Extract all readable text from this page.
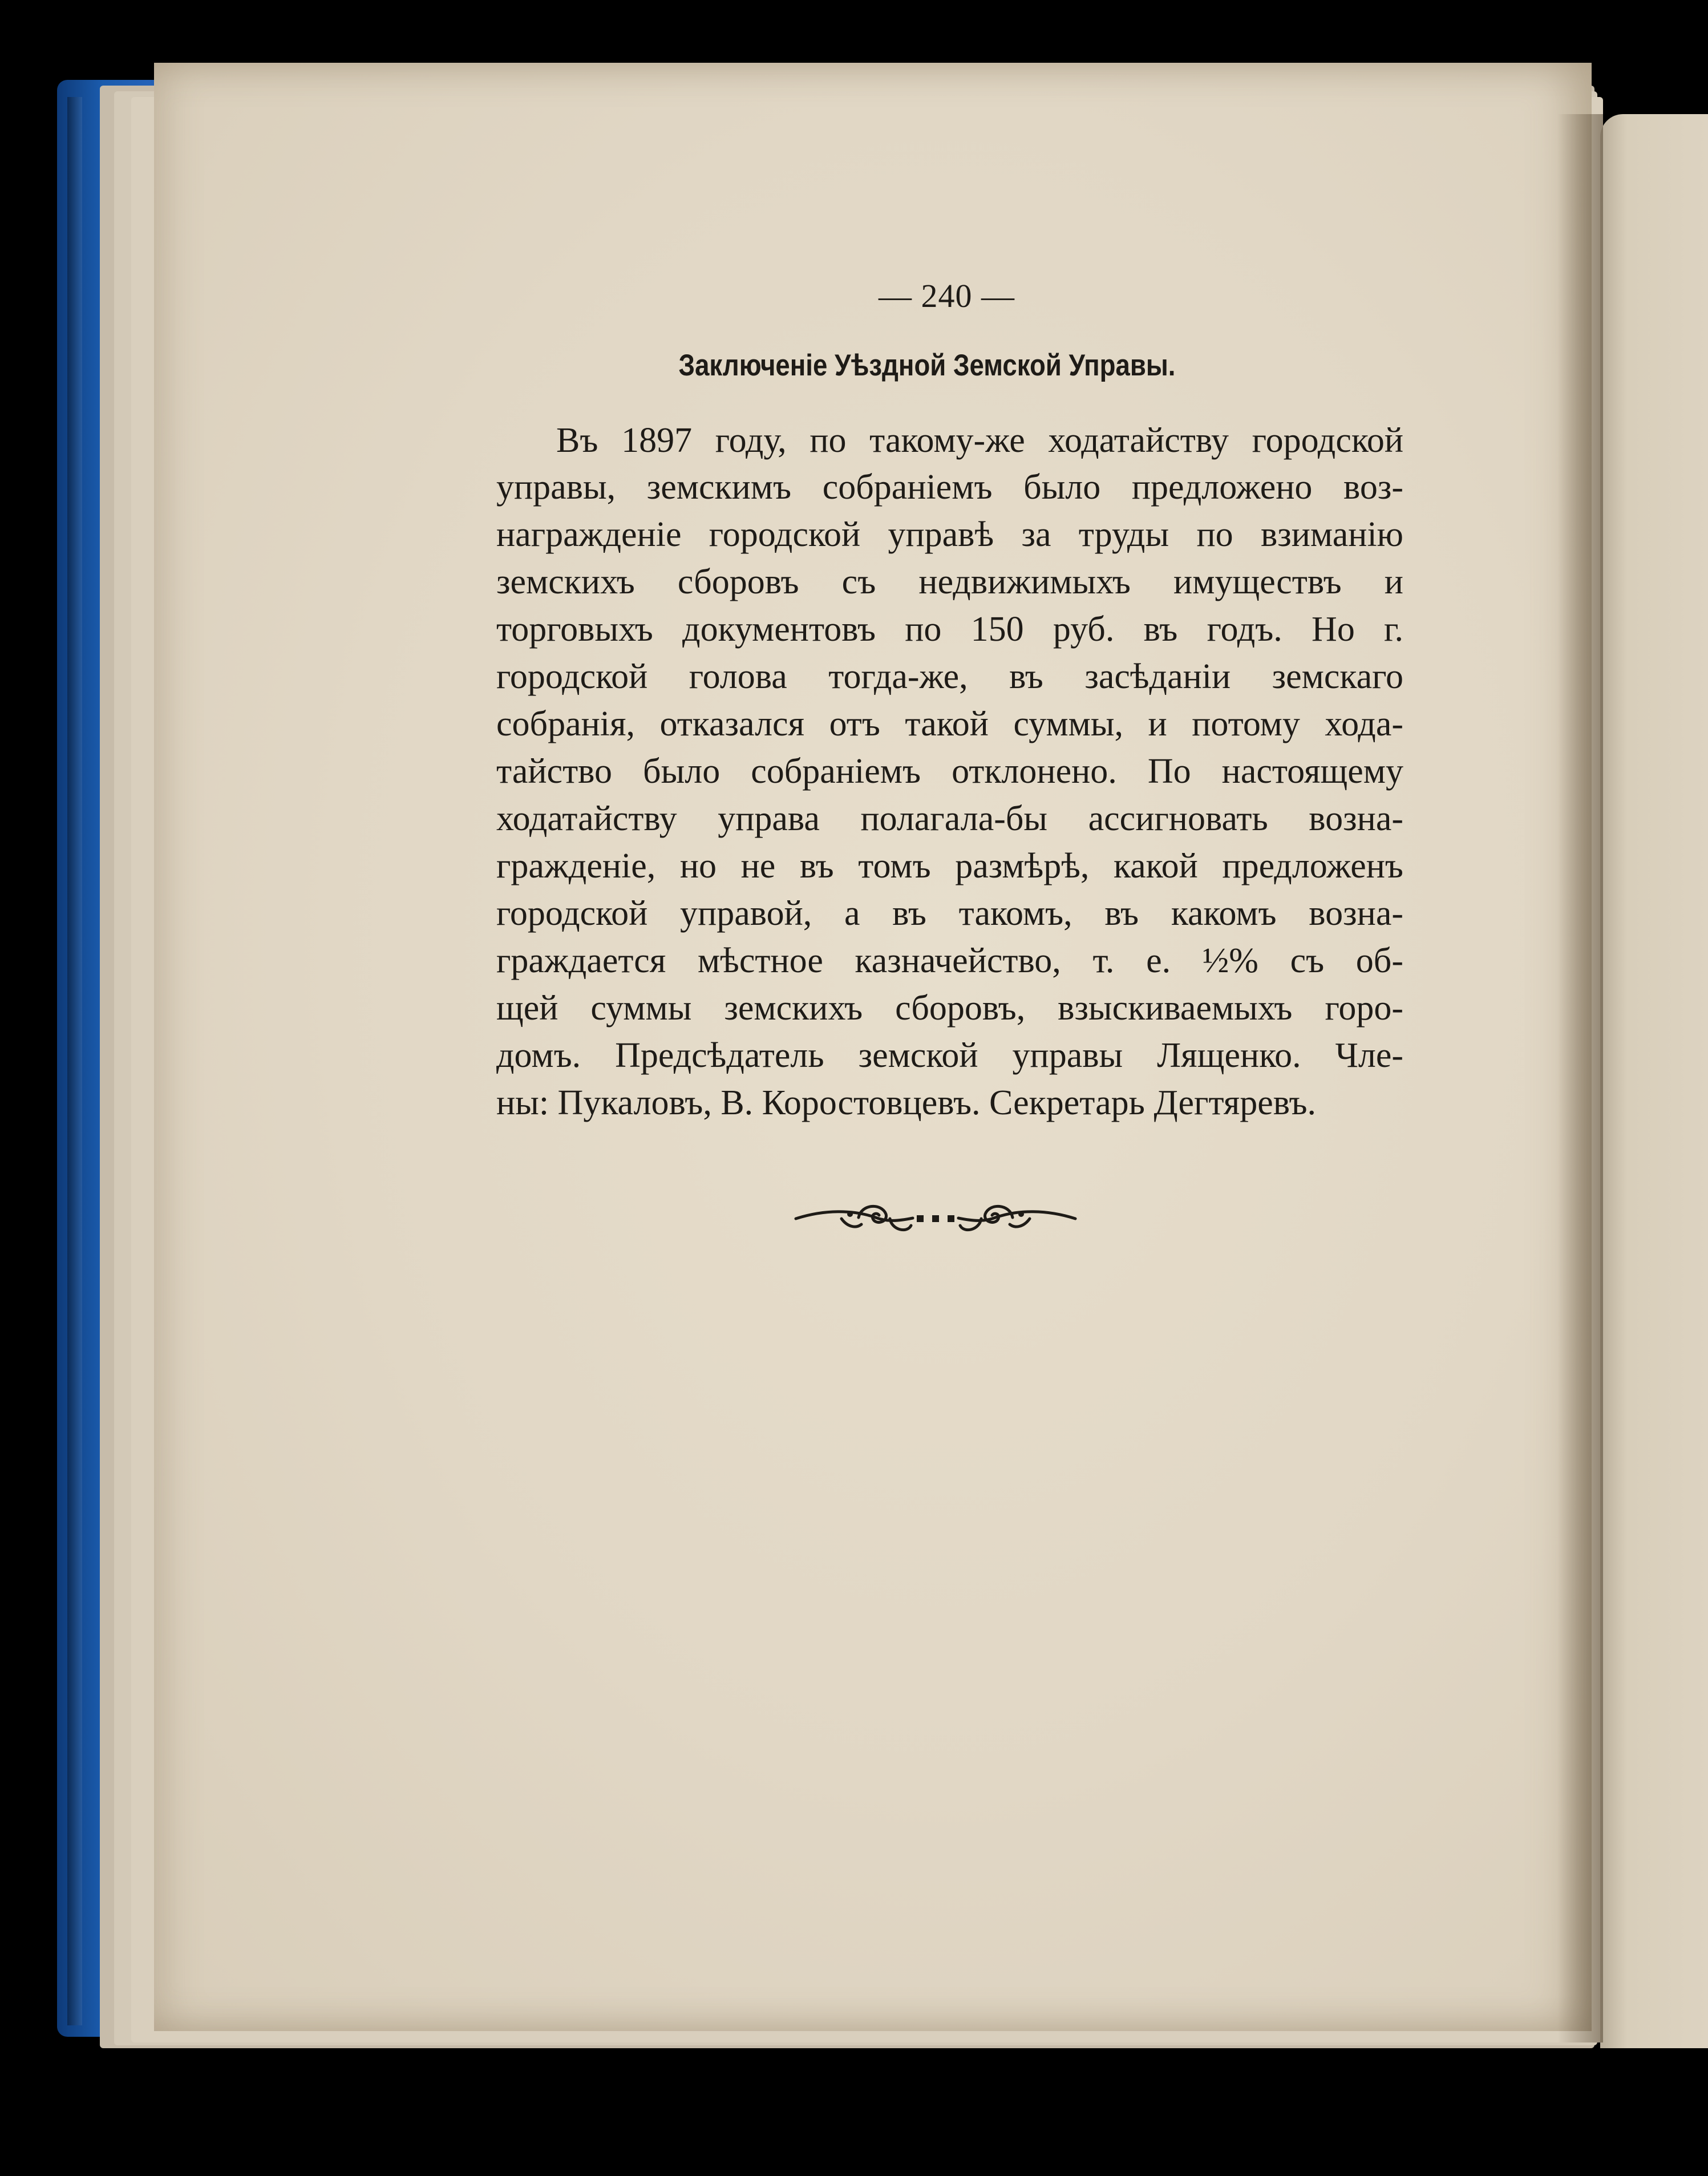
— 240 —
Заключеніе Уѣздной Земской Управы.
Въ 1897 году, по такому-же ходатайству городской
управы, земскимъ собраніемъ было предложено воз-
награжденіе городской управѣ за труды по взиманію
земскихъ сборовъ съ недвижимыхъ имуществъ и
торговыхъ документовъ по 150 руб. въ годъ. Но г.
городской голова тогда-же, въ засѣданіи земскаго
собранія, отказался отъ такой суммы, и потому хода-
тайство было собраніемъ отклонено. По настоящему
ходатайству управа полагала-бы ассигновать возна-
гражденіе, но не въ томъ размѣрѣ, какой предложенъ
городской управой, а въ такомъ, въ какомъ возна-
граждается мѣстное казначейство, т. е. ½% съ об-
щей суммы земскихъ сборовъ, взыскиваемыхъ горо-
домъ. Предсѣдатель земской управы Лященко. Чле-
ны: Пукаловъ, В. Коростовцевъ. Секретарь Дегтяревъ.
